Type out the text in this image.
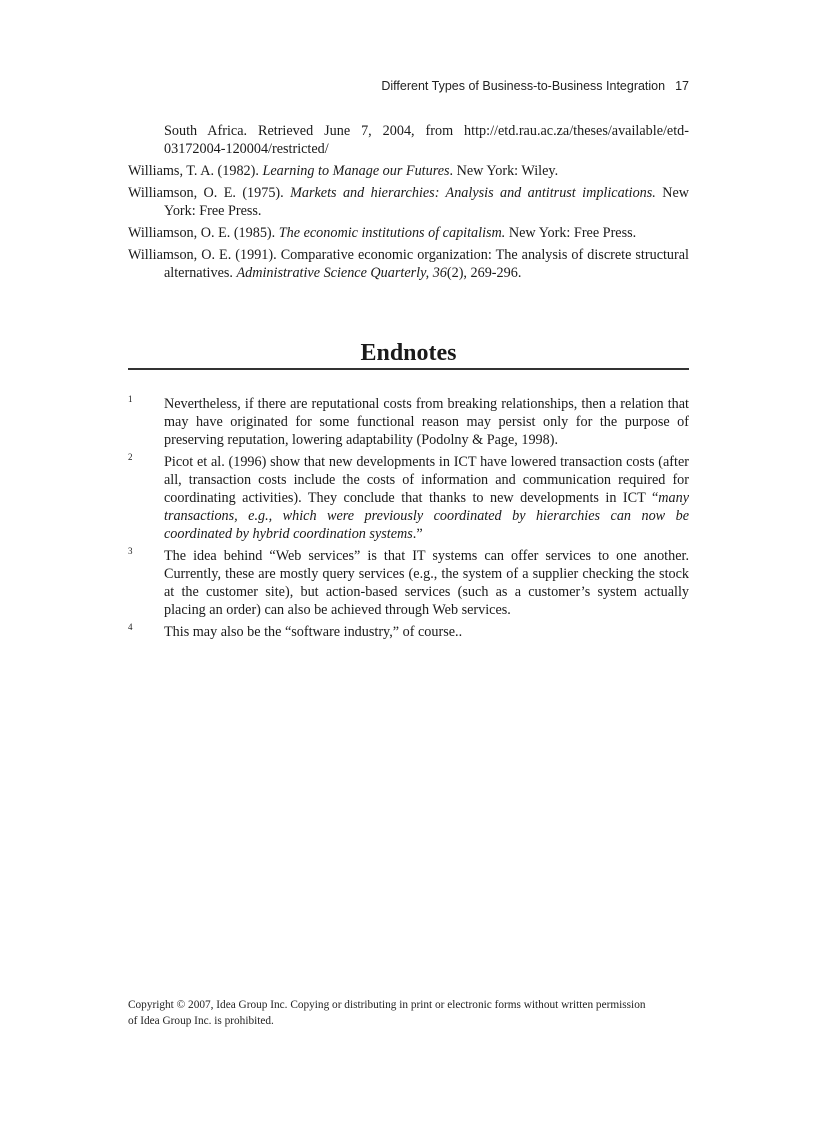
Different Types of Business-to-Business Integration 17

South Africa. Retrieved June 7, 2004, from http://etd.rau.ac.za/theses/available/etd-03172004-120004/restricted/

Williams, T. A. (1982). Learning to Manage our Futures. New York: Wiley.

Williamson, O. E. (1975). Markets and hierarchies: Analysis and antitrust implications. New York: Free Press.

Williamson, O. E. (1985). The economic institutions of capitalism. New York: Free Press.

Williamson, O. E. (1991). Comparative economic organization: The analysis of discrete structural alternatives. Administrative Science Quarterly, 36(2), 269-296.

Endnotes

1 Nevertheless, if there are reputational costs from breaking relationships, then a relation that may have originated for some functional reason may persist only for the purpose of preserving reputation, lowering adaptability (Podolny & Page, 1998).

2 Picot et al. (1996) show that new developments in ICT have lowered transaction costs (after all, transaction costs include the costs of information and communication required for coordinating activities). They conclude that thanks to new developments in ICT “many transactions, e.g., which were previously coordinated by hierarchies can now be coordinated by hybrid coordination systems.”

3 The idea behind “Web services” is that IT systems can offer services to one another. Currently, these are mostly query services (e.g., the system of a supplier checking the stock at the customer site), but action-based services (such as a customer’s system actually placing an order) can also be achieved through Web services.

4 This may also be the “software industry,” of course..

Copyright © 2007, Idea Group Inc. Copying or distributing in print or electronic forms without written permission
of Idea Group Inc. is prohibited.
